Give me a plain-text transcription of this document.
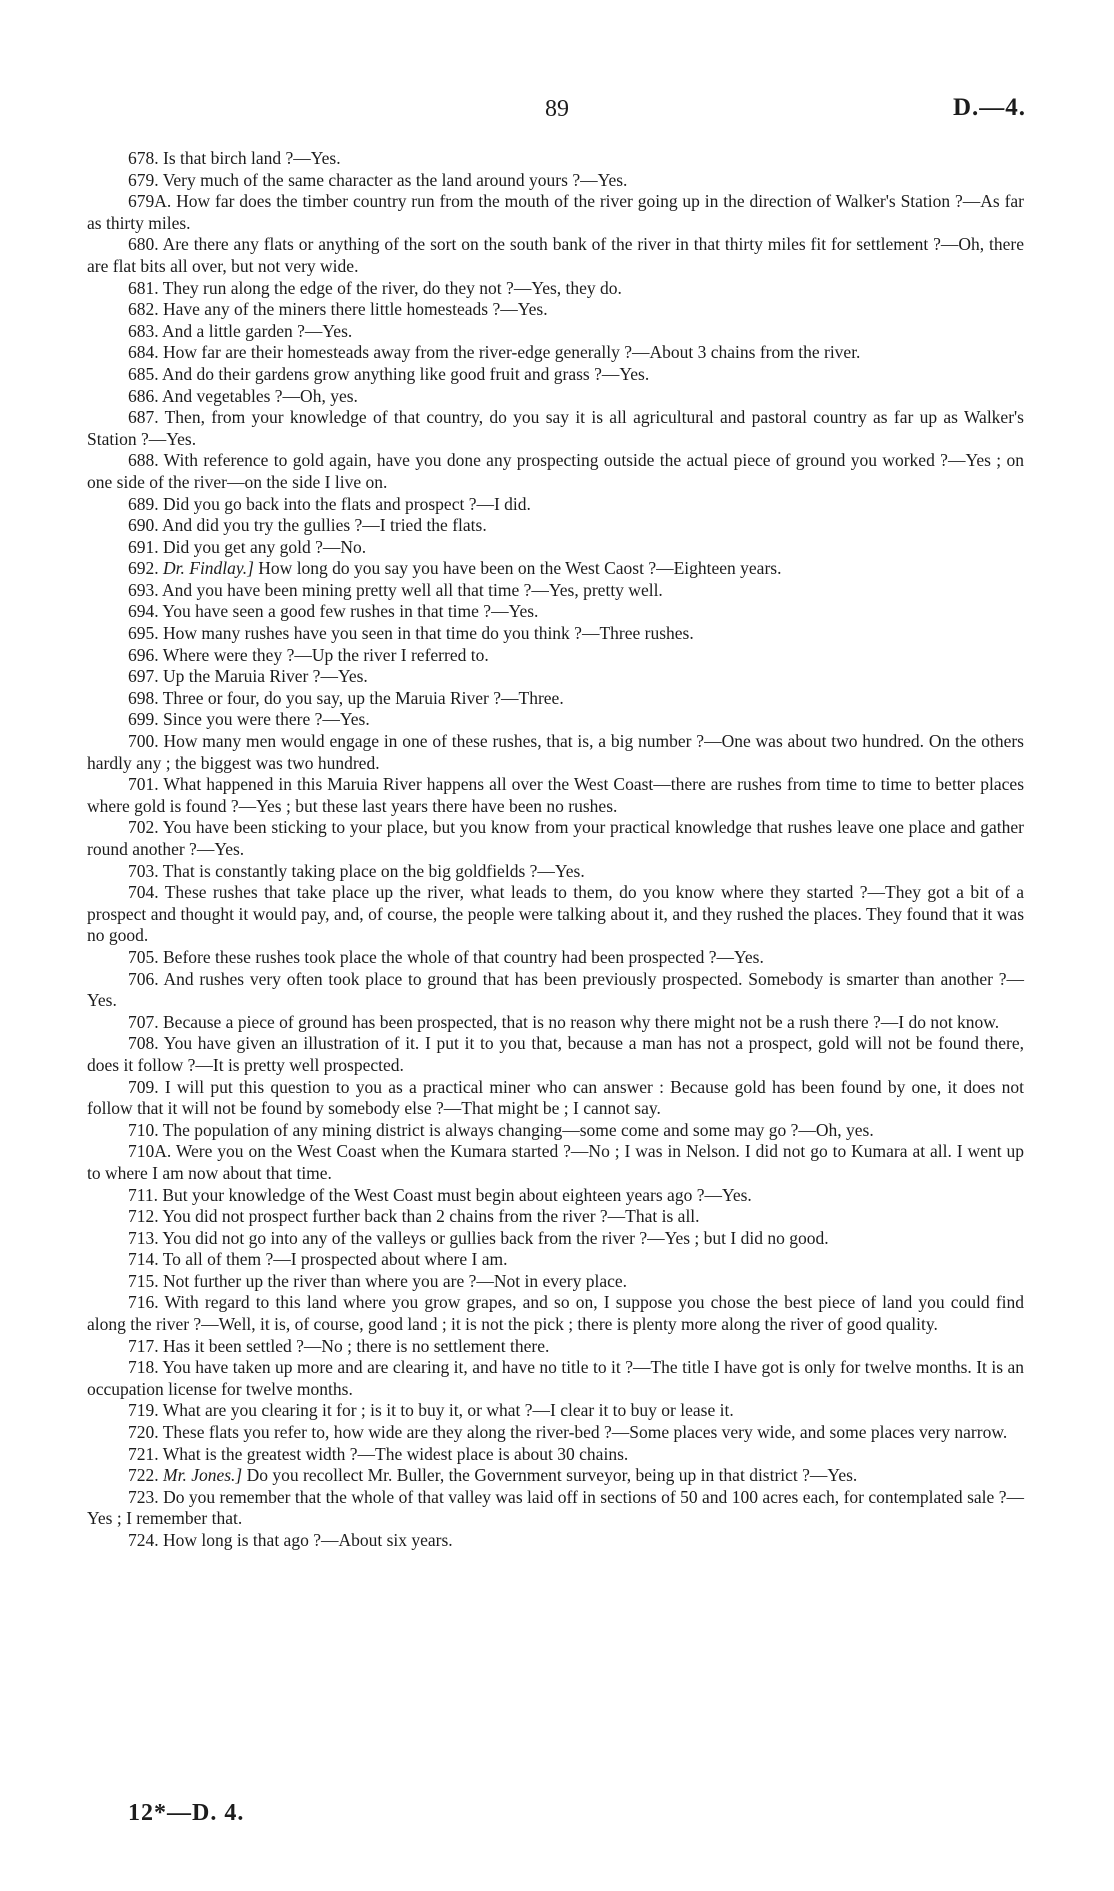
89	D.—4.

678. Is that birch land ?—Yes.

679. Very much of the same character as the land around yours ?—Yes.

679A. How far does the timber country run from the mouth of the river going up in the direction of Walker's Station ?—As far as thirty miles.

680. Are there any flats or anything of the sort on the south bank of the river in that thirty miles fit for settlement ?—Oh, there are flat bits all over, but not very wide.

681. They run along the edge of the river, do they not ?—Yes, they do.

682. Have any of the miners there little homesteads ?—Yes.

683. And a little garden ?—Yes.

684. How far are their homesteads away from the river-edge generally ?—About 3 chains from the river.

685. And do their gardens grow anything like good fruit and grass ?—Yes.

686. And vegetables ?—Oh, yes.

687. Then, from your knowledge of that country, do you say it is all agricultural and pastoral country as far up as Walker's Station ?—Yes.

688. With reference to gold again, have you done any prospecting outside the actual piece of ground you worked ?—Yes ; on one side of the river—on the side I live on.

689. Did you go back into the flats and prospect ?—I did.

690. And did you try the gullies ?—I tried the flats.

691. Did you get any gold ?—No.

692. Dr. Findlay.] How long do you say you have been on the West Caost ?—Eighteen years.

693. And you have been mining pretty well all that time ?—Yes, pretty well.

694. You have seen a good few rushes in that time ?—Yes.

695. How many rushes have you seen in that time do you think ?—Three rushes.

696. Where were they ?—Up the river I referred to.

697. Up the Maruia River ?—Yes.

698. Three or four, do you say, up the Maruia River ?—Three.

699. Since you were there ?—Yes.

700. How many men would engage in one of these rushes, that is, a big number ?—One was about two hundred. On the others hardly any ; the biggest was two hundred.

701. What happened in this Maruia River happens all over the West Coast—there are rushes from time to time to better places where gold is found ?—Yes ; but these last years there have been no rushes.

702. You have been sticking to your place, but you know from your practical knowledge that rushes leave one place and gather round another ?—Yes.

703. That is constantly taking place on the big goldfields ?—Yes.

704. These rushes that take place up the river, what leads to them, do you know where they started ?—They got a bit of a prospect and thought it would pay, and, of course, the people were talking about it, and they rushed the places. They found that it was no good.

705. Before these rushes took place the whole of that country had been prospected ?—Yes.

706. And rushes very often took place to ground that has been previously prospected. Somebody is smarter than another ?—Yes.

707. Because a piece of ground has been prospected, that is no reason why there might not be a rush there ?—I do not know.

708. You have given an illustration of it. I put it to you that, because a man has not a prospect, gold will not be found there, does it follow ?—It is pretty well prospected.

709. I will put this question to you as a practical miner who can answer : Because gold has been found by one, it does not follow that it will not be found by somebody else ?—That might be ; I cannot say.

710. The population of any mining district is always changing—some come and some may go ?—Oh, yes.

710A. Were you on the West Coast when the Kumara started ?—No ; I was in Nelson. I did not go to Kumara at all. I went up to where I am now about that time.

711. But your knowledge of the West Coast must begin about eighteen years ago ?—Yes.

712. You did not prospect further back than 2 chains from the river ?—That is all.

713. You did not go into any of the valleys or gullies back from the river ?—Yes ; but I did no good.

714. To all of them ?—I prospected about where I am.

715. Not further up the river than where you are ?—Not in every place.

716. With regard to this land where you grow grapes, and so on, I suppose you chose the best piece of land you could find along the river ?—Well, it is, of course, good land ; it is not the pick ; there is plenty more along the river of good quality.

717. Has it been settled ?—No ; there is no settlement there.

718. You have taken up more and are clearing it, and have no title to it ?—The title I have got is only for twelve months. It is an occupation license for twelve months.

719. What are you clearing it for ; is it to buy it, or what ?—I clear it to buy or lease it.

720. These flats you refer to, how wide are they along the river-bed ?—Some places very wide, and some places very narrow.

721. What is the greatest width ?—The widest place is about 30 chains.

722. Mr. Jones.] Do you recollect Mr. Buller, the Government surveyor, being up in that district ?—Yes.

723. Do you remember that the whole of that valley was laid off in sections of 50 and 100 acres each, for contemplated sale ?—Yes ; I remember that.

724. How long is that ago ?—About six years.

12*—D. 4.
